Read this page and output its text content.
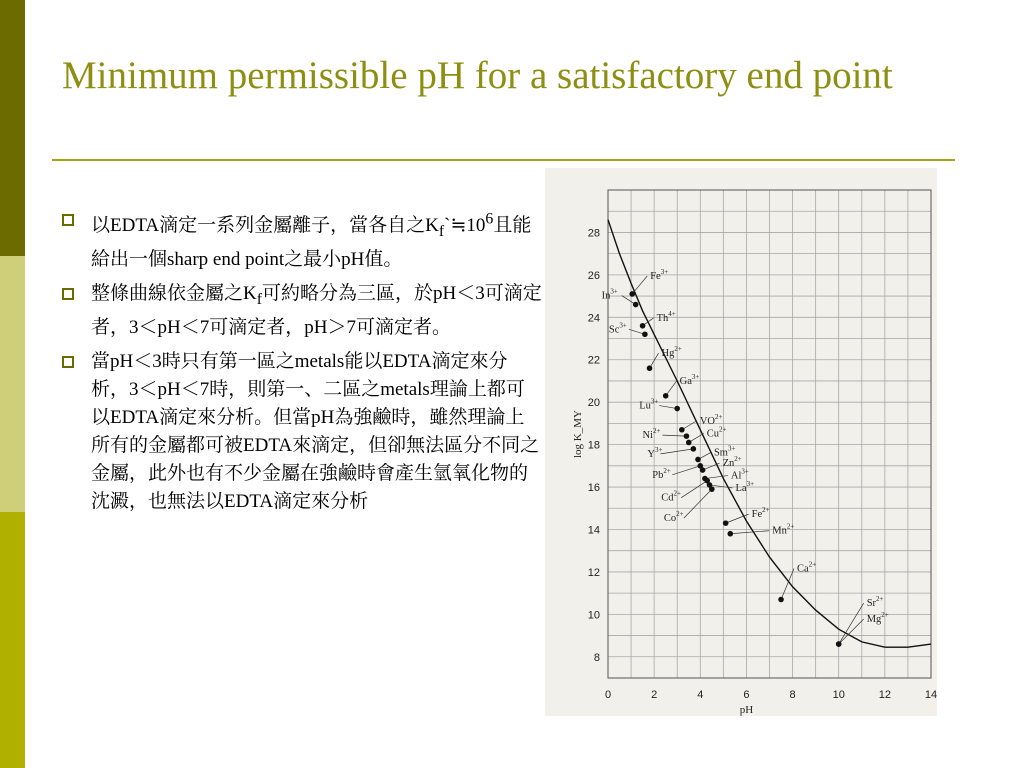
Minimum permissible pH for a satisfactory end point
以EDTA滴定一系列金屬離子，當各自之$K_f`≒10^6$且能給出一個sharp end point之最小pH值。
整條曲線依金屬之$K_f$可約略分為三區，於pH＜3可滴定者，3＜pH＜7可滴定者，pH＞7可滴定者。
當pH＜3時只有第一區之metals能以EDTA滴定來分析，3＜pH＜7時，則第一、二區之metals理論上都可以EDTA滴定來分析。但當pH為強鹼時，雖然理論上所有的金屬都可被EDTA來滴定，但卻無法區分不同之金屬，此外也有不少金屬在強鹼時會產生氫氧化物的沈澱，也無法以EDTA滴定來分析
0	2	4	6	8	10	12	14
8
10
12
14
16
18
20
22
24
26
28
pH
log K_MY
$Fe^{3+}$
$In^{3+}$
$Th^{4+}$
$Sc^{3+}$
$Hg^{2+}$
$Ga^{3+}$
$Lu^{3+}$
$VO^{2+}$
$Ni^{2+}$	$Cu^{2+}$
$Y^{3+}$	$Sm^{3+}$
$Pb^{2+}$
$Zn^{2+}$
$Al^{3+}$
$Cd^{2+}$	$La^{3+}$
$Co^{2+}$	$Fe^{2+}$
$Mn^{2+}$
$Ca^{2+}$
$Sr^{2+}$
$Mg^{2+}$
